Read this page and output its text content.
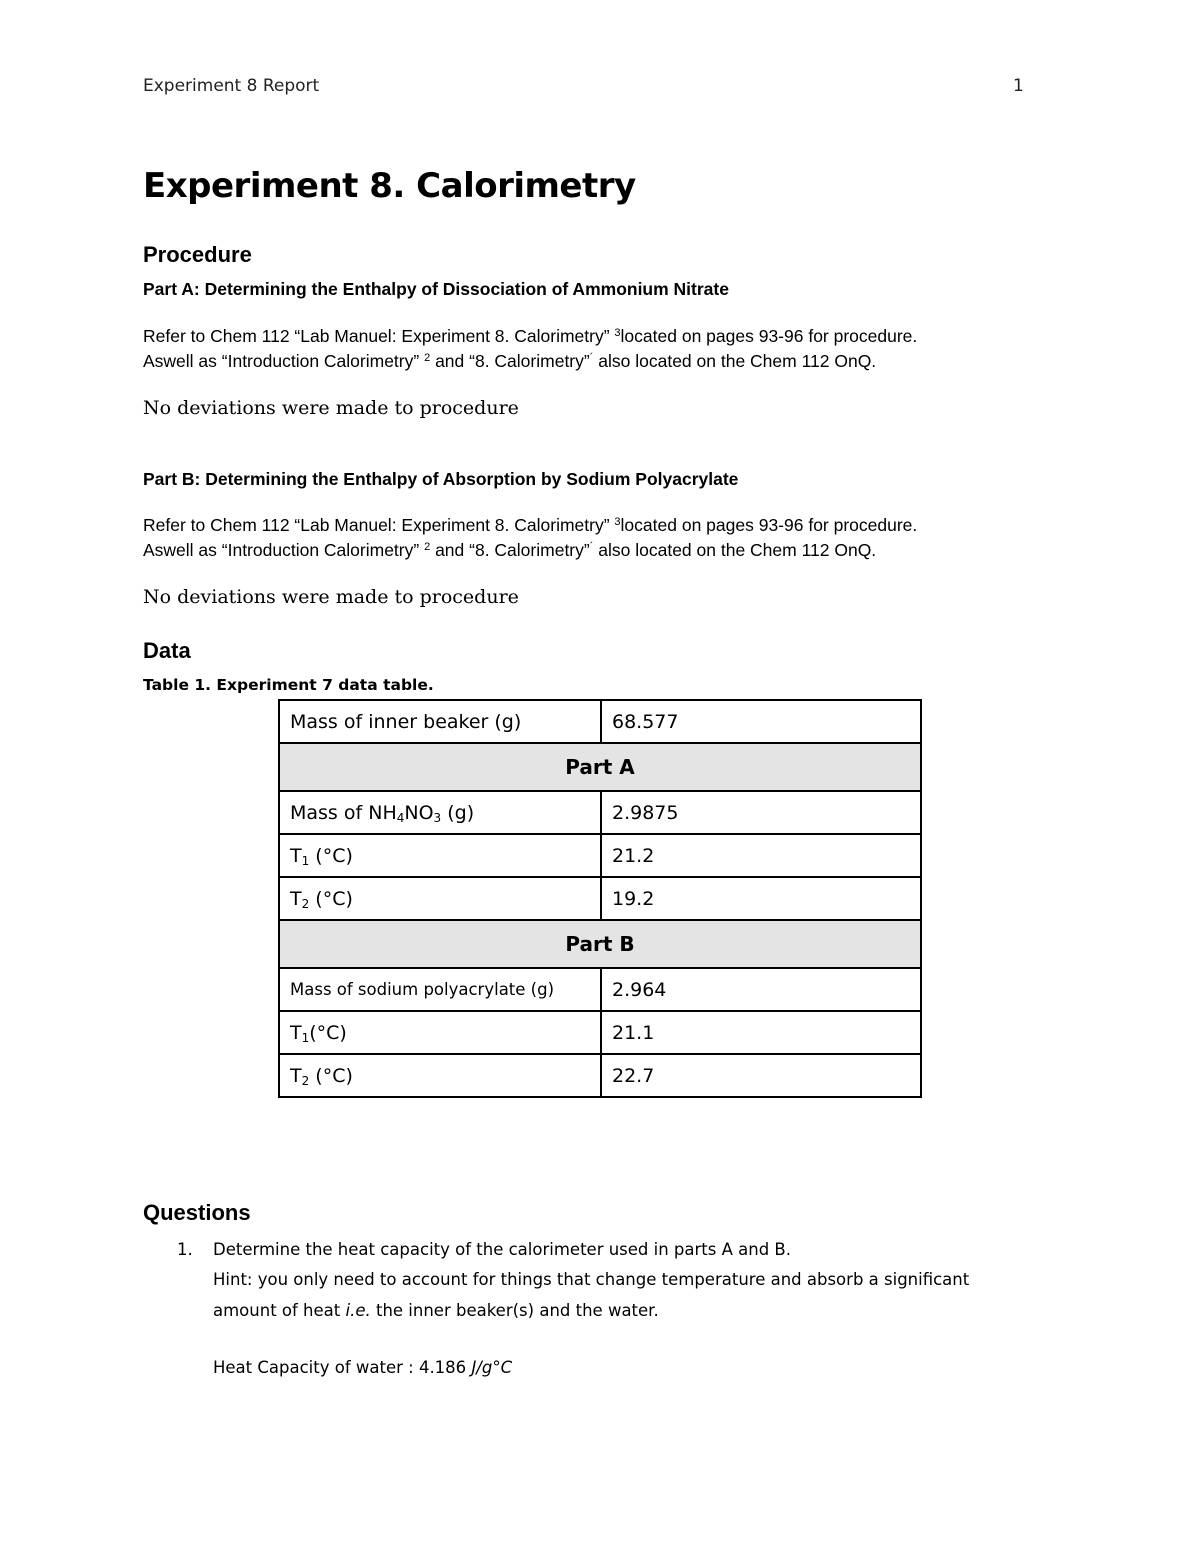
Experiment 8 Report	1
Experiment 8. Calorimetry
Procedure
Part A: Determining the Enthalpy of Dissociation of Ammonium Nitrate
Refer to Chem 112 “Lab Manuel: Experiment 8. Calorimetry” $^3$located on pages 93-96 for procedure.
Aswell as “Introduction Calorimetry” $^2$ and “8. Calorimetry”´ also located on the Chem 112 OnQ.
No deviations were made to procedure
Part B: Determining the Enthalpy of Absorption by Sodium Polyacrylate
Refer to Chem 112 “Lab Manuel: Experiment 8. Calorimetry” $^3$located on pages 93-96 for procedure.
Aswell as “Introduction Calorimetry” $^2$ and “8. Calorimetry”´ also located on the Chem 112 OnQ.
No deviations were made to procedure
Data
Table 1. Experiment 7 data table.
Mass of inner beaker (g)	68.577
Part A	
Mass of $NH_4NO_3$ (g)	2.9875
$T_1$ (°C)	21.2
$T_2$ (°C)	19.2
Part B	
Mass of sodium polyacrylate (g)	2.964
$T_1(^\circ C)$	21.1
$T_2$ (°C)	22.7
Questions
1. Determine the heat capacity of the calorimeter used in parts A and B.
Hint: you only need to account for things that change temperature and absorb a significant
amount of heat i.e. the inner beaker(s) and the water.
Heat Capacity of water : 4.186 J/g°C
